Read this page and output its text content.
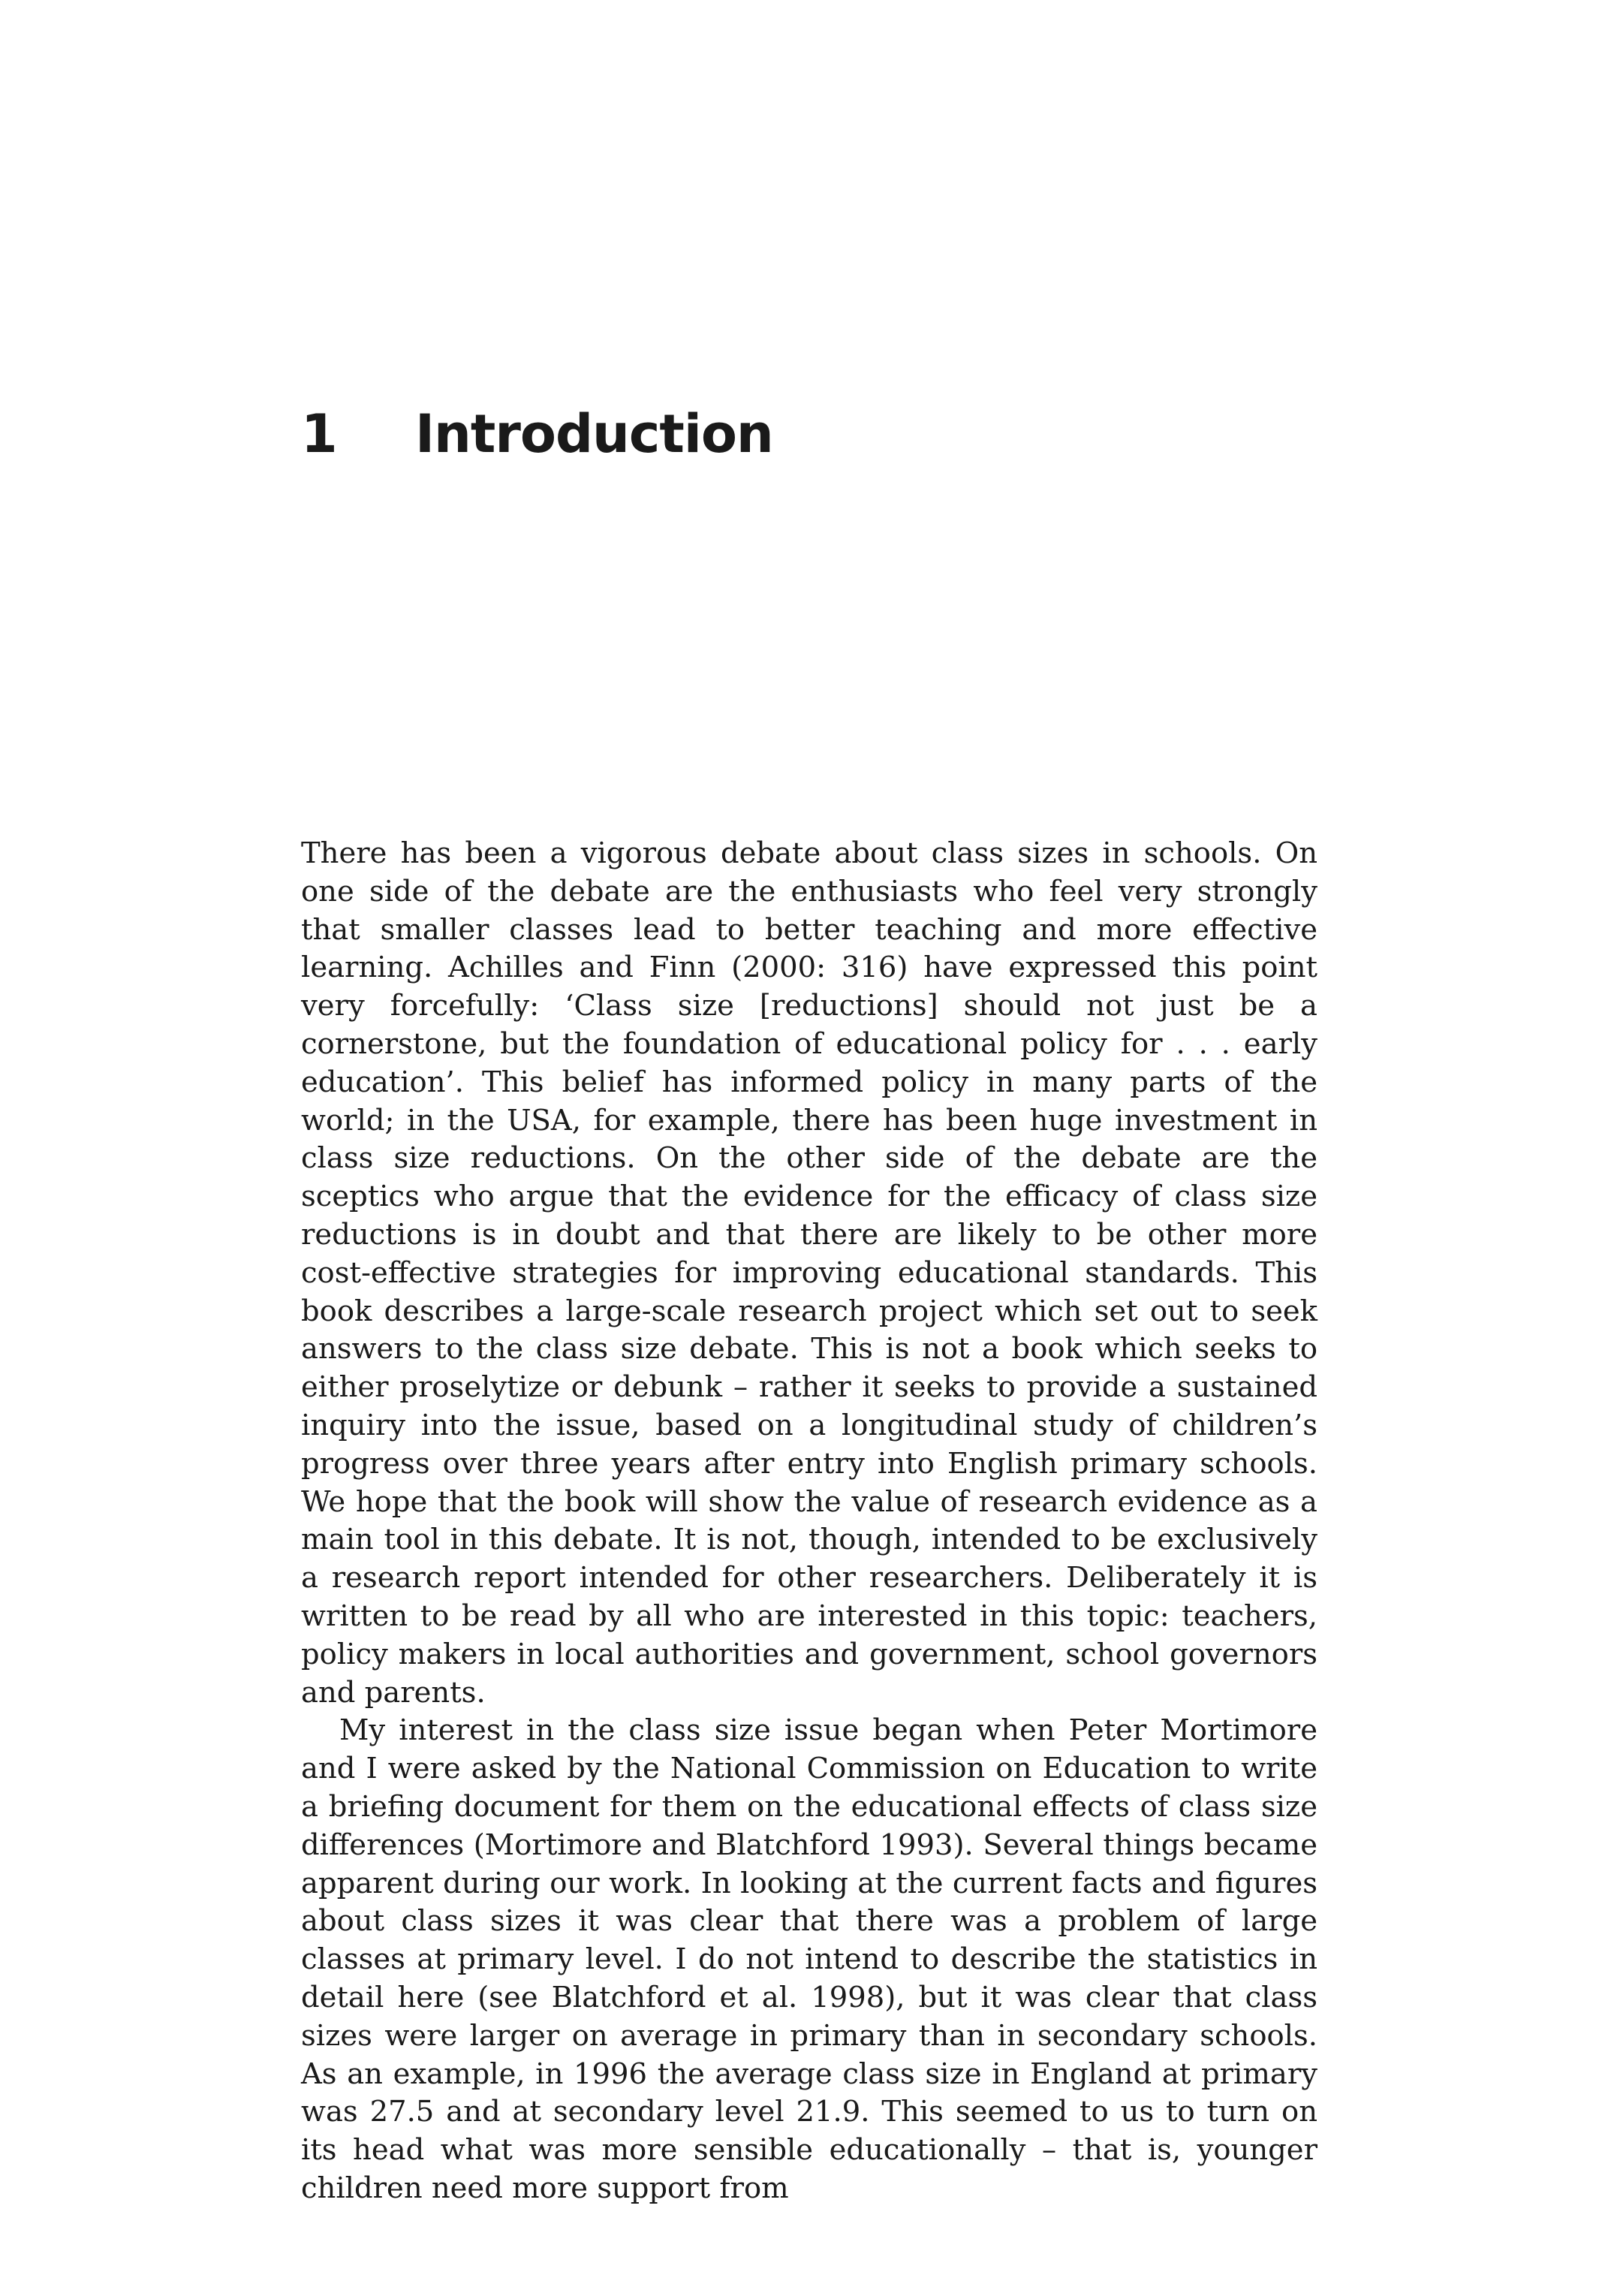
1 Introduction

There has been a vigorous debate about class sizes in schools. On one side of the debate are the enthusiasts who feel very strongly that smaller classes lead to better teaching and more effective learning. Achilles and Finn (2000: 316) have expressed this point very forcefully: ‘Class size [reductions] should not just be a cornerstone, but the foundation of educational policy for . . . early education’. This belief has informed policy in many parts of the world; in the USA, for example, there has been huge investment in class size reductions. On the other side of the debate are the sceptics who argue that the evidence for the efficacy of class size reductions is in doubt and that there are likely to be other more cost-effective strategies for improving educational standards. This book describes a large-scale research project which set out to seek answers to the class size debate. This is not a book which seeks to either proselytize or debunk – rather it seeks to provide a sustained inquiry into the issue, based on a longitudinal study of children’s progress over three years after entry into English primary schools. We hope that the book will show the value of research evidence as a main tool in this debate. It is not, though, intended to be exclusively a research report intended for other researchers. Deliberately it is written to be read by all who are interested in this topic: teachers, policy makers in local authorities and government, school governors and parents.

My interest in the class size issue began when Peter Mortimore and I were asked by the National Commission on Education to write a briefing document for them on the educational effects of class size differences (Mortimore and Blatchford 1993). Several things became apparent during our work. In looking at the current facts and figures about class sizes it was clear that there was a problem of large classes at primary level. I do not intend to describe the statistics in detail here (see Blatchford et al. 1998), but it was clear that class sizes were larger on average in primary than in secondary schools. As an example, in 1996 the average class size in England at primary was 27.5 and at secondary level 21.9. This seemed to us to turn on its head what was more sensible educationally – that is, younger children need more support from
